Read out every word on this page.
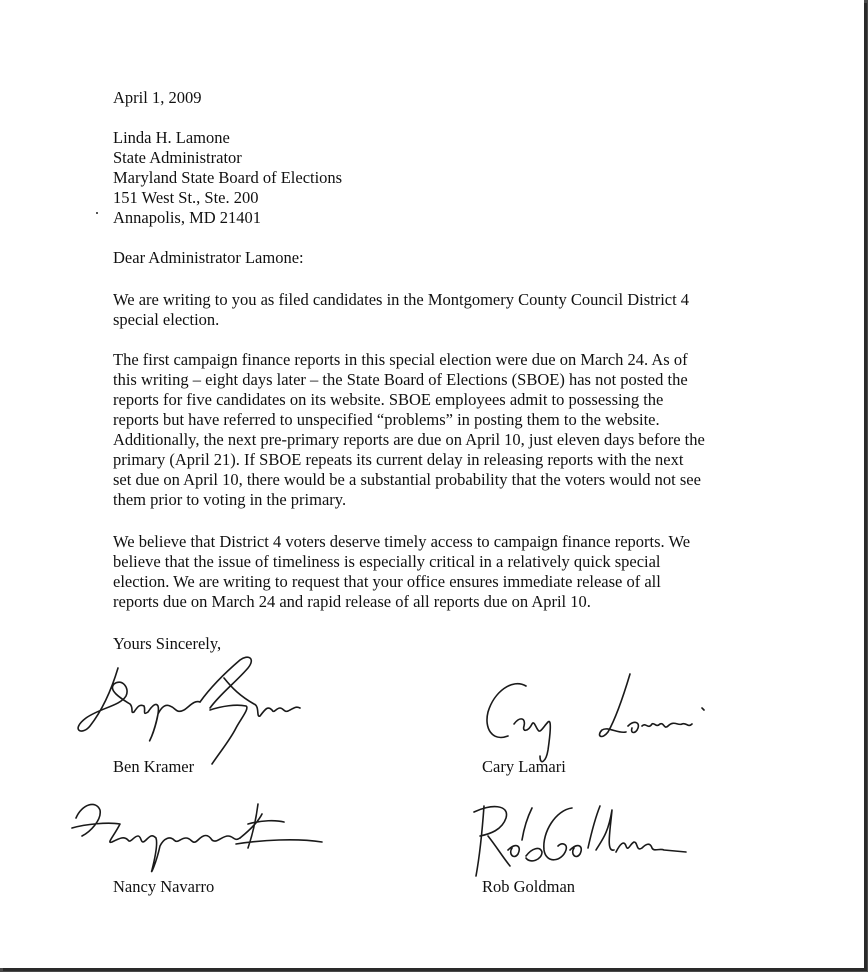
April 1, 2009
Linda H. Lamone
State Administrator
Maryland State Board of Elections
151 West St., Ste. 200
Annapolis, MD 21401
Dear Administrator Lamone:
We are writing to you as filed candidates in the Montgomery County Council District 4
special election.
The first campaign finance reports in this special election were due on March 24. As of
this writing – eight days later – the State Board of Elections (SBOE) has not posted the
reports for five candidates on its website. SBOE employees admit to possessing the
reports but have referred to unspecified “problems” in posting them to the website.
Additionally, the next pre-primary reports are due on April 10, just eleven days before the
primary (April 21). If SBOE repeats its current delay in releasing reports with the next
set due on April 10, there would be a substantial probability that the voters would not see
them prior to voting in the primary.
We believe that District 4 voters deserve timely access to campaign finance reports. We
believe that the issue of timeliness is especially critical in a relatively quick special
election. We are writing to request that your office ensures immediate release of all
reports due on March 24 and rapid release of all reports due on April 10.
Yours Sincerely,
Ben Kramer	Cary Lamari
Nancy Navarro	Rob Goldman
